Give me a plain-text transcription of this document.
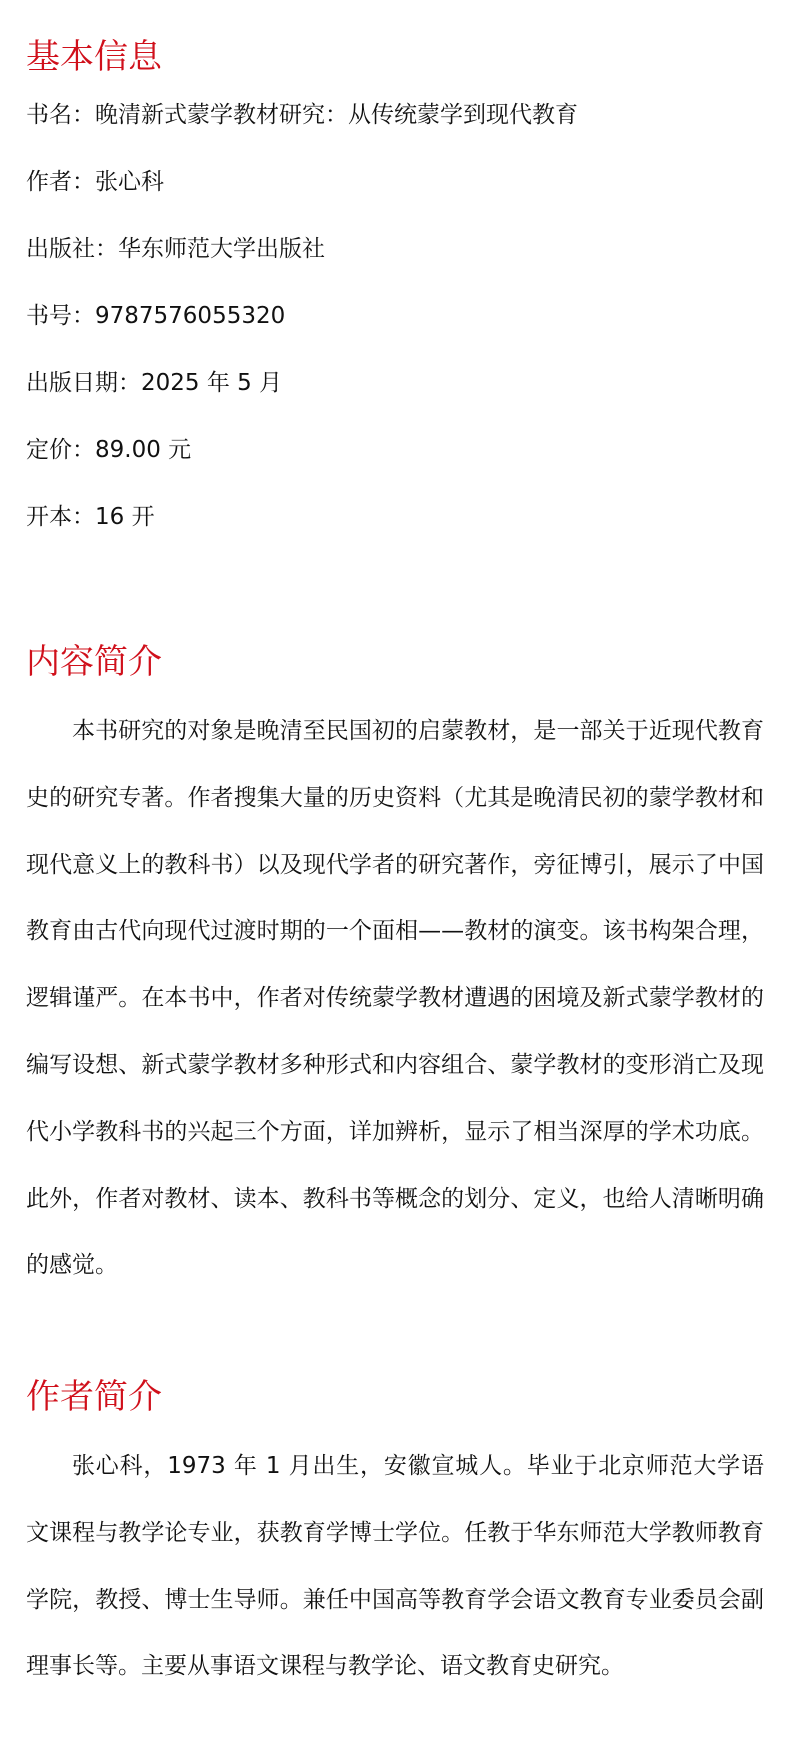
基本信息

书名：晚清新式蒙学教材研究：从传统蒙学到现代教育

作者：张心科

出版社：华东师范大学出版社

书号：9787576055320

出版日期：2025 年 5 月

定价：89.00 元

开本：16 开

内容简介

本书研究的对象是晚清至民国初的启蒙教材，是一部关于近现代教育史的研究专著。作者搜集大量的历史资料（尤其是晚清民初的蒙学教材和现代意义上的教科书）以及现代学者的研究著作，旁征博引，展示了中国教育由古代向现代过渡时期的一个面相——教材的演变。该书构架合理，逻辑谨严。在本书中，作者对传统蒙学教材遭遇的困境及新式蒙学教材的编写设想、新式蒙学教材多种形式和内容组合、蒙学教材的变形消亡及现代小学教科书的兴起三个方面，详加辨析，显示了相当深厚的学术功底。此外，作者对教材、读本、教科书等概念的划分、定义，也给人清晰明确的感觉。

作者简介

张心科，1973 年 1 月出生，安徽宣城人。毕业于北京师范大学语文课程与教学论专业，获教育学博士学位。任教于华东师范大学教师教育学院，教授、博士生导师。兼任中国高等教育学会语文教育专业委员会副理事长等。主要从事语文课程与教学论、语文教育史研究。
